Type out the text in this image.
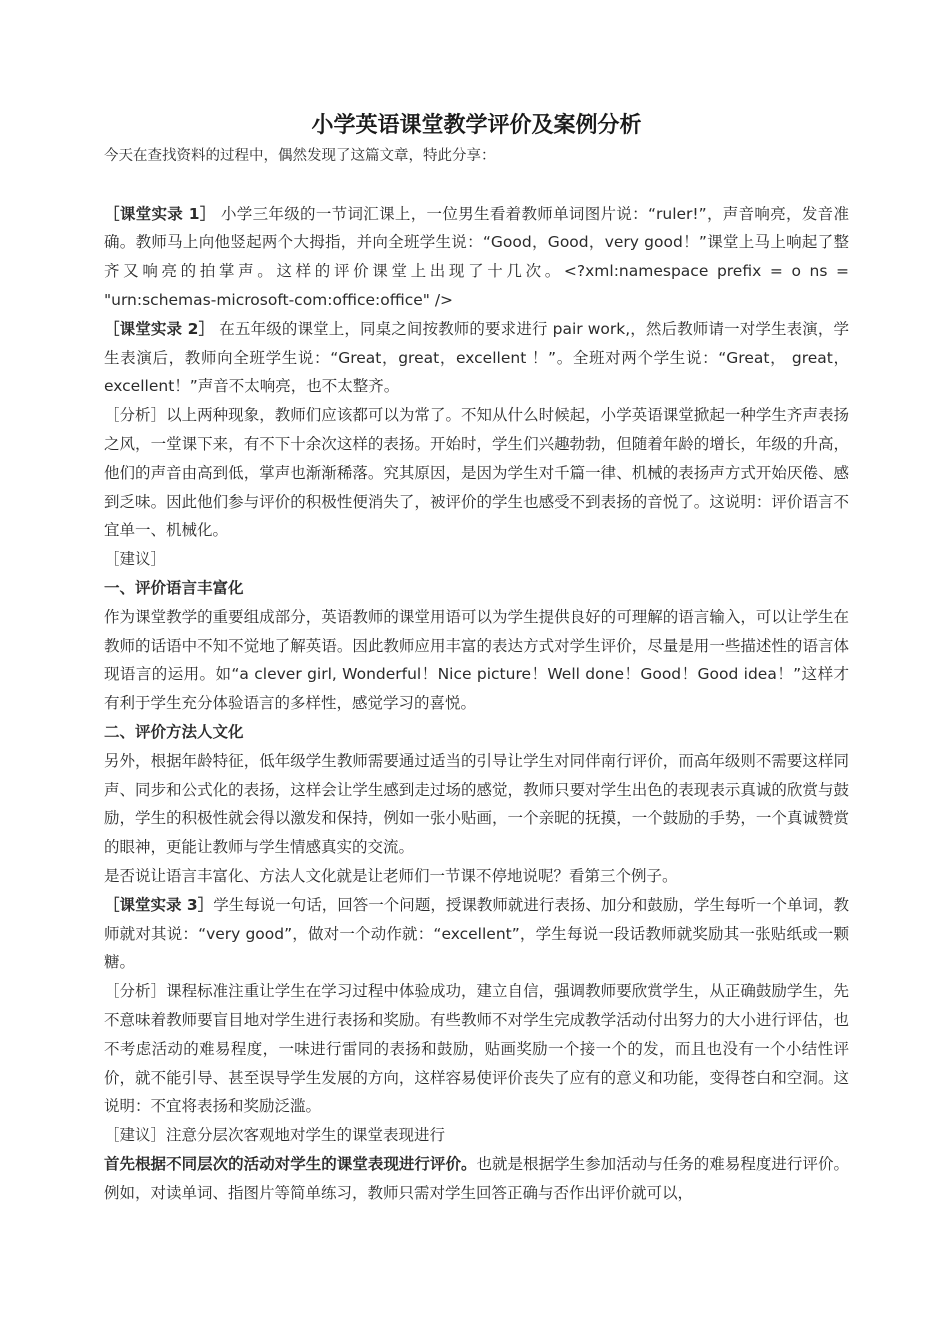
小学英语课堂教学评价及案例分析

今天在查找资料的过程中，偶然发现了这篇文章，特此分享：

［课堂实录 1］ 小学三年级的一节词汇课上，一位男生看着教师单词图片说：“ruler!”，声音响亮，发音准确。教师马上向他竖起两个大拇指，并向全班学生说：“Good，Good，very good！”课堂上马上响起了整齐又响亮的拍掌声。这样的评价课堂上出现了十几次。<?xml:namespace prefix = o ns = "urn:schemas-microsoft-com:office:office" />

［课堂实录 2］ 在五年级的课堂上，同桌之间按教师的要求进行 pair work,，然后教师请一对学生表演，学生表演后，教师向全班学生说：“Great，great，excellent ！”。全班对两个学生说：“Great， great， excellent！”声音不太响亮，也不太整齐。

［分析］以上两种现象，教师们应该都可以为常了。不知从什么时候起，小学英语课堂掀起一种学生齐声表扬之风，一堂课下来，有不下十余次这样的表扬。开始时，学生们兴趣勃勃，但随着年龄的增长，年级的升高，他们的声音由高到低，掌声也渐渐稀落。究其原因，是因为学生对千篇一律、机械的表扬声方式开始厌倦、感到乏味。因此他们参与评价的积极性便消失了，被评价的学生也感受不到表扬的音悦了。这说明：评价语言不宜单一、机械化。

［建议］

一、评价语言丰富化

作为课堂教学的重要组成部分，英语教师的课堂用语可以为学生提供良好的可理解的语言输入，可以让学生在教师的话语中不知不觉地了解英语。因此教师应用丰富的表达方式对学生评价，尽量是用一些描述性的语言体现语言的运用。如“a clever girl, Wonderful！Nice picture！Well done！Good！Good idea！”这样才有利于学生充分体验语言的多样性，感觉学习的喜悦。

二、评价方法人文化

另外，根据年龄特征，低年级学生教师需要通过适当的引导让学生对同伴南行评价，而高年级则不需要这样同声、同步和公式化的表扬，这样会让学生感到走过场的感觉，教师只要对学生出色的表现表示真诚的欣赏与鼓励，学生的积极性就会得以激发和保持，例如一张小贴画，一个亲昵的抚摸，一个鼓励的手势，一个真诚赞赏的眼神，更能让教师与学生情感真实的交流。

是否说让语言丰富化、方法人文化就是让老师们一节课不停地说呢？看第三个例子。

［课堂实录 3］学生每说一句话，回答一个问题，授课教师就进行表扬、加分和鼓励，学生每听一个单词，教师就对其说：“very good”，做对一个动作就：“excellent”，学生每说一段话教师就奖励其一张贴纸或一颗糖。

［分析］课程标准注重让学生在学习过程中体验成功，建立自信，强调教师要欣赏学生，从正确鼓励学生，先不意味着教师要盲目地对学生进行表扬和奖励。有些教师不对学生完成教学活动付出努力的大小进行评估，也不考虑活动的难易程度，一味进行雷同的表扬和鼓励，贴画奖励一个接一个的发，而且也没有一个小结性评价，就不能引导、甚至误导学生发展的方向，这样容易使评价丧失了应有的意义和功能，变得苍白和空洞。这说明：不宜将表扬和奖励泛滥。

［建议］注意分层次客观地对学生的课堂表现进行

首先根据不同层次的活动对学生的课堂表现进行评价。也就是根据学生参加活动与任务的难易程度进行评价。例如，对读单词、指图片等简单练习，教师只需对学生回答正确与否作出评价就可以，
